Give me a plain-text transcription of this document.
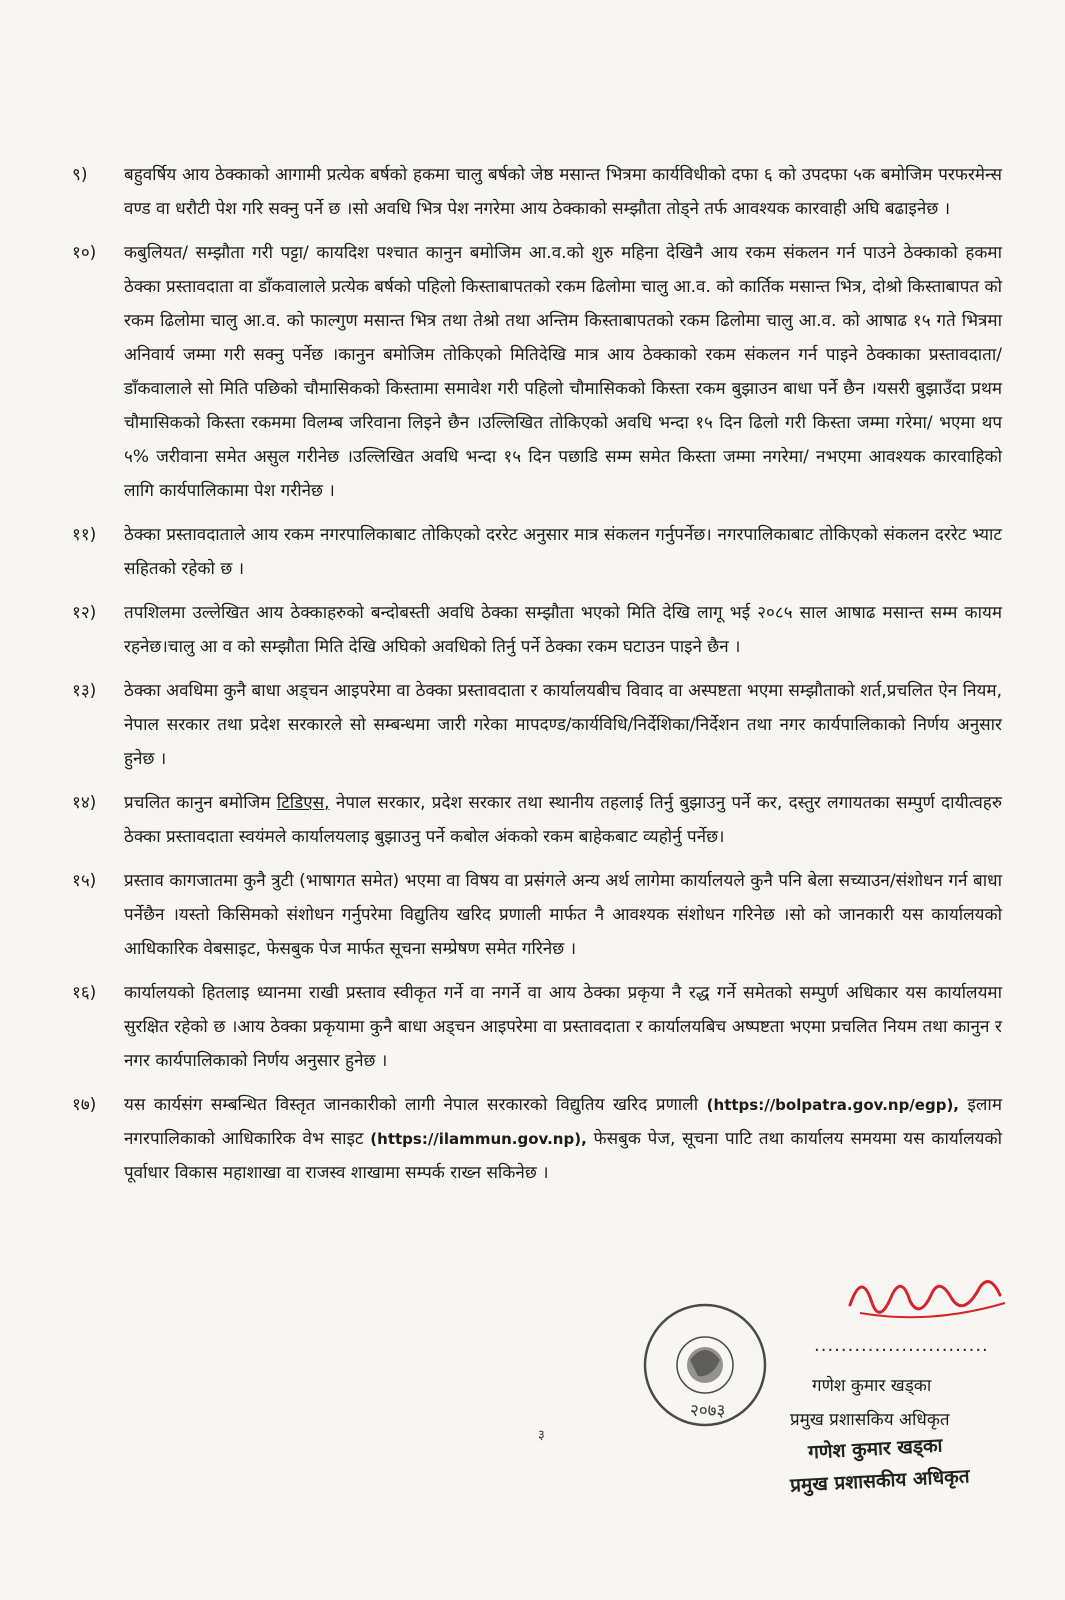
९)	बहुवर्षिय आय ठेक्काको आगामी प्रत्येक बर्षको हकमा चालु बर्षको जेष्ठ मसान्त भित्रमा कार्यविधीको दफा ६ को उपदफा ५क बमोजिम परफरमेन्स वण्ड वा धरौटी पेश गरि सक्नु पर्ने छ ।सो अवधि भित्र पेश नगरेमा आय ठेक्काको सम्झौता तोड्ने तर्फ आवश्यक कारवाही अघि बढाइनेछ ।
१०)	कबुलियत/ सम्झौता गरी पट्टा/ कायदिश पश्चात कानुन बमोजिम आ.व.को शुरु महिना देखिनै आय रकम संकलन गर्न पाउने ठेक्काको हकमा ठेक्का प्रस्तावदाता वा डाँकवालाले प्रत्येक बर्षको पहिलो किस्ताबापतको रकम ढिलोमा चालु आ.व. को कार्तिक मसान्त भित्र, दोश्रो किस्ताबापत को रकम ढिलोमा चालु आ.व. को फाल्गुण मसान्त भित्र तथा तेश्रो तथा अन्तिम किस्ताबापतको रकम ढिलोमा चालु आ.व. को आषाढ १५ गते भित्रमा अनिवार्य जम्मा गरी सक्नु पर्नेछ ।कानुन बमोजिम तोकिएको मितिदेखि मात्र आय ठेक्काको रकम संकलन गर्न पाइने ठेक्काका प्रस्तावदाता/डाँकवालाले सो मिति पछिको चौमासिकको किस्तामा समावेश गरी पहिलो चौमासिकको किस्ता रकम बुझाउन बाधा पर्ने छैन ।यसरी बुझाउँदा प्रथम चौमासिकको किस्ता रकममा विलम्ब जरिवाना लिइने छैन ।उल्लिखित तोकिएको अवधि भन्दा १५ दिन ढिलो गरी किस्ता जम्मा गरेमा/ भएमा थप ५% जरीवाना समेत असुल गरीनेछ ।उल्लिखित अवधि भन्दा १५ दिन पछाडि सम्म समेत किस्ता जम्मा नगरेमा/ नभएमा आवश्यक कारवाहिको लागि कार्यपालिकामा पेश गरीनेछ ।
११)	ठेक्का प्रस्तावदाताले आय रकम नगरपालिकाबाट तोकिएको दररेट अनुसार मात्र संकलन गर्नुपर्नेछ। नगरपालिकाबाट तोकिएको संकलन दररेट भ्याट सहितको रहेको छ ।
१२)	तपशिलमा उल्लेखित आय ठेक्काहरुको बन्दोबस्ती अवधि ठेक्का सम्झौता भएको मिति देखि लागू भई २०८५ साल आषाढ मसान्त सम्म कायम रहनेछ।चालु आ व को सम्झौता मिति देखि अघिको अवधिको तिर्नु पर्ने ठेक्का रकम घटाउन पाइने छैन ।
१३)	ठेक्का अवधिमा कुनै बाधा अड्चन आइपरेमा वा ठेक्का प्रस्तावदाता र कार्यालयबीच विवाद वा अस्पष्टता भएमा सम्झौताको शर्त,प्रचलित ऐन नियम, नेपाल सरकार तथा प्रदेश सरकारले सो सम्बन्धमा जारी गरेका मापदण्ड/कार्यविधि/निर्देशिका/निर्देशन तथा नगर कार्यपालिकाको निर्णय अनुसार हुनेछ ।
१४)	प्रचलित कानुन बमोजिम टिडिएस, नेपाल सरकार, प्रदेश सरकार तथा स्थानीय तहलाई तिर्नु बुझाउनु पर्ने कर, दस्तुर लगायतका सम्पुर्ण दायीत्वहरु ठेक्का प्रस्तावदाता स्वयंमले कार्यालयलाइ बुझाउनु पर्ने कबोल अंकको रकम बाहेकबाट व्यहोर्नु पर्नेछ।
१५)	प्रस्ताव कागजातमा कुनै त्रुटी (भाषागत समेत) भएमा वा विषय वा प्रसंगले अन्य अर्थ लागेमा कार्यालयले कुनै पनि बेला सच्याउन/संशोधन गर्न बाधा पर्नेछैन ।यस्तो किसिमको संशोधन गर्नुपरेमा विद्युतिय खरिद प्रणाली मार्फत नै आवश्यक संशोधन गरिनेछ ।सो को जानकारी यस कार्यालयको आधिकारिक वेबसाइट, फेसबुक पेज मार्फत सूचना सम्प्रेषण समेत गरिनेछ ।
१६)	कार्यालयको हितलाइ ध्यानमा राखी प्रस्ताव स्वीकृत गर्ने वा नगर्ने वा आय ठेक्का प्रकृया नै रद्ध गर्ने समेतको सम्पुर्ण अधिकार यस कार्यालयमा सुरक्षित रहेको छ ।आय ठेक्का प्रकृयामा कुनै बाधा अड्चन आइपरेमा वा प्रस्तावदाता र कार्यालयबिच अष्पष्टता भएमा प्रचलित नियम तथा कानुन र नगर कार्यपालिकाको निर्णय अनुसार हुनेछ ।
१७)	यस कार्यसंग सम्बन्धित विस्तृत जानकारीको लागी नेपाल सरकारको विद्युतिय खरिद प्रणाली (https://bolpatra.gov.np/egp), इलाम नगरपालिकाको आधिकारिक वेभ साइट (https://ilammun.gov.np), फेसबुक पेज, सूचना पाटि तथा कार्यालय समयमा यस कार्यालयको पूर्वाधार विकास महाशाखा वा राजस्व शाखामा सम्पर्क राख्न सकिनेछ ।
२०७३
..........................
गणेश कुमार खड्का
प्रमुख प्रशासकिय अधिकृत
गणेश कुमार खड्का
प्रमुख प्रशासकीय अधिकृत
३
